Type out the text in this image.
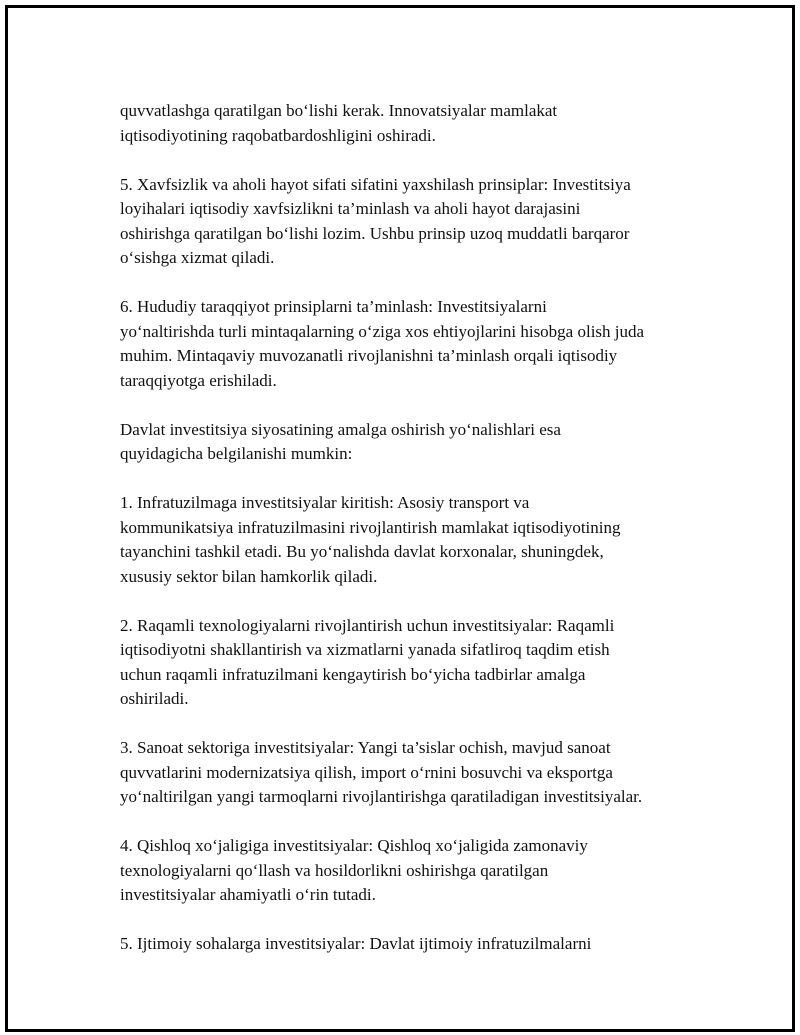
quvvatlashga qaratilgan bo‘lishi kerak. Innovatsiyalar mamlakat
iqtisodiyotining raqobatbardoshligini oshiradi.

5. Xavfsizlik va aholi hayot sifati sifatini yaxshilash prinsiplar: Investitsiya
loyihalari iqtisodiy xavfsizlikni ta’minlash va aholi hayot darajasini
oshirishga qaratilgan bo‘lishi lozim. Ushbu prinsip uzoq muddatli barqaror
o‘sishga xizmat qiladi.

6. Hududiy taraqqiyot prinsiplarni ta’minlash: Investitsiyalarni
yo‘naltirishda turli mintaqalarning o‘ziga xos ehtiyojlarini hisobga olish juda
muhim. Mintaqaviy muvozanatli rivojlanishni ta’minlash orqali iqtisodiy
taraqqiyotga erishiladi.

Davlat investitsiya siyosatining amalga oshirish yo‘nalishlari esa
quyidagicha belgilanishi mumkin:

1. Infratuzilmaga investitsiyalar kiritish: Asosiy transport va
kommunikatsiya infratuzilmasini rivojlantirish mamlakat iqtisodiyotining
tayanchini tashkil etadi. Bu yo‘nalishda davlat korxonalar, shuningdek,
xususiy sektor bilan hamkorlik qiladi.

2. Raqamli texnologiyalarni rivojlantirish uchun investitsiyalar: Raqamli
iqtisodiyotni shakllantirish va xizmatlarni yanada sifatliroq taqdim etish
uchun raqamli infratuzilmani kengaytirish bo‘yicha tadbirlar amalga
oshiriladi.

3. Sanoat sektoriga investitsiyalar: Yangi ta’sislar ochish, mavjud sanoat
quvvatlarini modernizatsiya qilish, import o‘rnini bosuvchi va eksportga
yo‘naltirilgan yangi tarmoqlarni rivojlantirishga qaratiladigan investitsiyalar.

4. Qishloq xo‘jaligiga investitsiyalar: Qishloq xo‘jaligida zamonaviy
texnologiyalarni qo‘llash va hosildorlikni oshirishga qaratilgan
investitsiyalar ahamiyatli o‘rin tutadi.

5. Ijtimoiy sohalarga investitsiyalar: Davlat ijtimoiy infratuzilmalarni
